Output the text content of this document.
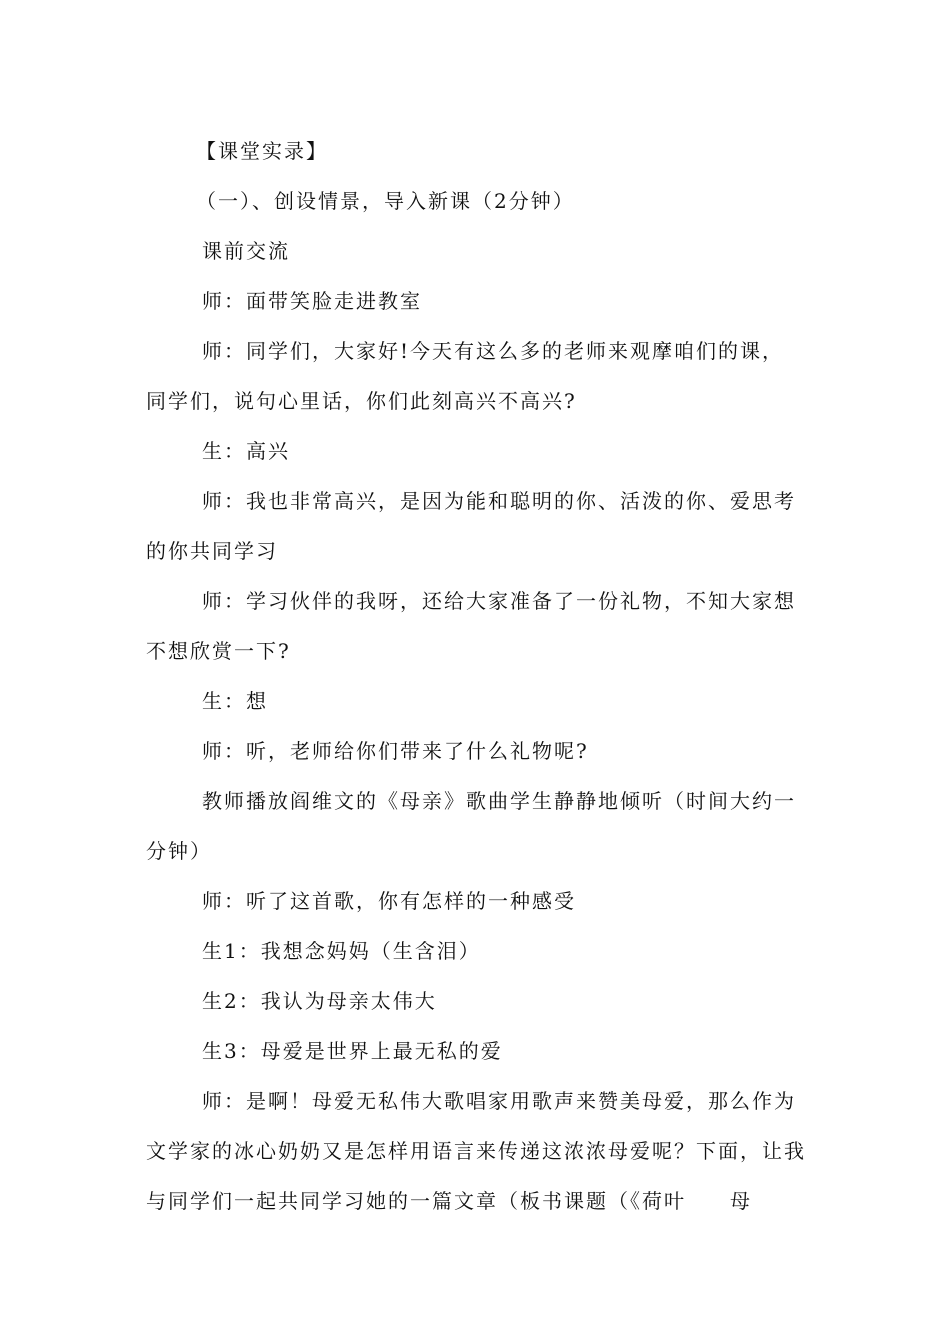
【课堂实录】

（一）、创设情景，导入新课（2分钟）

课前交流

师：面带笑脸走进教室

师：同学们，大家好!今天有这么多的老师来观摩咱们的课，同学们，说句心里话，你们此刻高兴不高兴?

生：高兴

师：我也非常高兴，是因为能和聪明的你、活泼的你、爱思考的你共同学习

师：学习伙伴的我呀，还给大家准备了一份礼物，不知大家想不想欣赏一下?

生：想

师：听，老师给你们带来了什么礼物呢?

教师播放阎维文的《母亲》歌曲学生静静地倾听（时间大约一分钟）

师：听了这首歌，你有怎样的一种感受

生1：我想念妈妈（生含泪）

生2：我认为母亲太伟大

生3：母爱是世界上最无私的爱

师：是啊！母爱无私伟大歌唱家用歌声来赞美母爱，那么作为文学家的冰心奶奶又是怎样用语言来传递这浓浓母爱呢？下面，让我与同学们一起共同学习她的一篇文章（板书课题（《荷叶　　母
